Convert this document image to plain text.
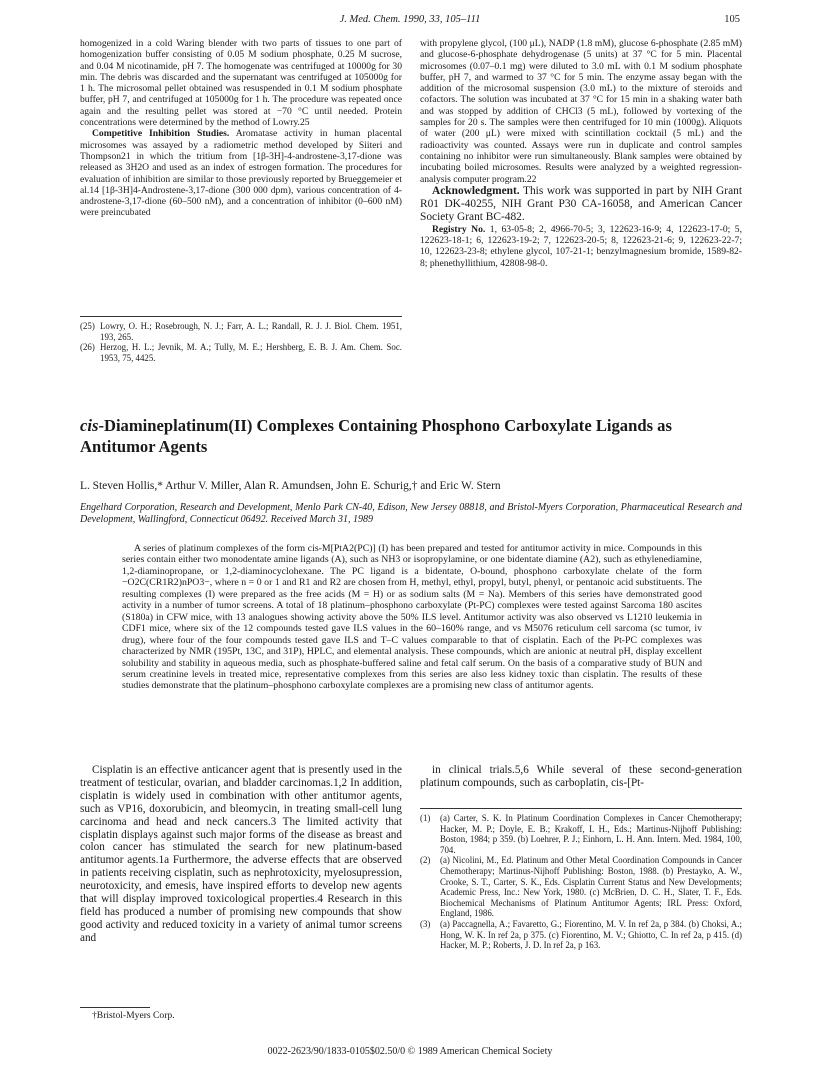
J. Med. Chem. 1990, 33, 105–111	105

homogenized in a cold Waring blender with two parts of tissues to one part of homogenization buffer consisting of 0.05 M sodium phosphate, 0.25 M sucrose, and 0.04 M nicotinamide, pH 7. The homogenate was centrifuged at 10000g for 30 min. The debris was discarded and the supernatant was centrifuged at 105000g for 1 h. The microsomal pellet obtained was resuspended in 0.1 M sodium phosphate buffer, pH 7, and centrifuged at 105000g for 1 h. The procedure was repeated once again and the resulting pellet was stored at −70 °C until needed. Protein concentrations were determined by the method of Lowry.25

Competitive Inhibition Studies. Aromatase activity in human placental microsomes was assayed by a radiometric method developed by Siiteri and Thompson21 in which the tritium from [1β-3H]-4-androstene-3,17-dione was released as 3H2O and used as an index of estrogen formation. The procedures for evaluation of inhibition are similar to those previously reported by Brueggemeier et al.14 [1β-3H]4-Androstene-3,17-dione (300 000 dpm), various concentration of 4-androstene-3,17-dione (60–500 nM), and a concentration of inhibitor (0–600 nM) were preincubated

with propylene glycol, (100 μL), NADP (1.8 mM), glucose 6-phosphate (2.85 mM) and glucose-6-phosphate dehydrogenase (5 units) at 37 °C for 5 min. Placental microsomes (0.07–0.1 mg) were diluted to 3.0 mL with 0.1 M sodium phosphate buffer, pH 7, and warmed to 37 °C for 5 min. The enzyme assay began with the addition of the microsomal suspension (3.0 mL) to the mixture of steroids and cofactors. The solution was incubated at 37 °C for 15 min in a shaking water bath and was stopped by addition of CHCl3 (5 mL), followed by vortexing of the samples for 20 s. The samples were then centrifuged for 10 min (1000g). Aliquots of water (200 μL) were mixed with scintillation cocktail (5 mL) and the radioactivity was counted. Assays were run in duplicate and control samples containing no inhibitor were run simultaneously. Blank samples were obtained by incubating boiled microsomes. Results were analyzed by a weighted regression-analysis computer program.22

Acknowledgment. This work was supported in part by NIH Grant R01 DK-40255, NIH Grant P30 CA-16058, and American Cancer Society Grant BC-482.

Registry No. 1, 63-05-8; 2, 4966-70-5; 3, 122623-16-9; 4, 122623-17-0; 5, 122623-18-1; 6, 122623-19-2; 7, 122623-20-5; 8, 122623-21-6; 9, 122623-22-7; 10, 122623-23-8; ethylene glycol, 107-21-1; benzylmagnesium bromide, 1589-82-8; phenethyllithium, 42808-98-0.

(25) Lowry, O. H.; Rosebrough, N. J.; Farr, A. L.; Randall, R. J. J. Biol. Chem. 1951, 193, 265.
(26) Herzog, H. L.; Jevnik, M. A.; Tully, M. E.; Hershberg, E. B. J. Am. Chem. Soc. 1953, 75, 4425.
cis-Diamineplatinum(II) Complexes Containing Phosphono Carboxylate Ligands as Antitumor Agents
L. Steven Hollis,* Arthur V. Miller, Alan R. Amundsen, John E. Schurig,† and Eric W. Stern
Engelhard Corporation, Research and Development, Menlo Park CN-40, Edison, New Jersey 08818, and Bristol-Myers Corporation, Pharmaceutical Research and Development, Wallingford, Connecticut 06492. Received March 31, 1989
A series of platinum complexes of the form cis-M[PtA2(PC)] (I) has been prepared and tested for antitumor activity in mice. Compounds in this series contain either two monodentate amine ligands (A), such as NH3 or isopropylamine, or one bidentate diamine (A2), such as ethylenediamine, 1,2-diaminopropane, or 1,2-diaminocyclohexane. The PC ligand is a bidentate, O-bound, phosphono carboxylate chelate of the form −O2C(CR1R2)nPO3−, where n = 0 or 1 and R1 and R2 are chosen from H, methyl, ethyl, propyl, butyl, phenyl, or pentanoic acid substituents. The resulting complexes (I) were prepared as the free acids (M = H) or as sodium salts (M = Na). Members of this series have demonstrated good activity in a number of tumor screens. A total of 18 platinum–phosphono carboxylate (Pt-PC) complexes were tested against Sarcoma 180 ascites (S180a) in CFW mice, with 13 analogues showing activity above the 50% ILS level. Antitumor activity was also observed vs L1210 leukemia in CDF1 mice, where six of the 12 compounds tested gave ILS values in the 60–160% range, and vs M5076 reticulum cell sarcoma (sc tumor, iv drug), where four of the four compounds tested gave ILS and T–C values comparable to that of cisplatin. Each of the Pt-PC complexes was characterized by NMR (195Pt, 13C, and 31P), HPLC, and elemental analysis. These compounds, which are anionic at neutral pH, display excellent solubility and stability in aqueous media, such as phosphate-buffered saline and fetal calf serum. On the basis of a comparative study of BUN and serum creatinine levels in treated mice, representative complexes from this series are also less kidney toxic than cisplatin. The results of these studies demonstrate that the platinum–phosphono carboxylate complexes are a promising new class of antitumor agents.

Cisplatin is an effective anticancer agent that is presently used in the treatment of testicular, ovarian, and bladder carcinomas.1,2 In addition, cisplatin is widely used in combination with other antitumor agents, such as VP16, doxorubicin, and bleomycin, in treating small-cell lung carcinoma and head and neck cancers.3 The limited activity that cisplatin displays against such major forms of the disease as breast and colon cancer has stimulated the search for new platinum-based antitumor agents.1a Furthermore, the adverse effects that are observed in patients receiving cisplatin, such as nephrotoxicity, myelosupression, neurotoxicity, and emesis, have inspired efforts to develop new agents that will display improved toxicological properties.4 Research in this field has produced a number of promising new compounds that show good activity and reduced toxicity in a variety of animal tumor screens and

†Bristol-Myers Corp.

in clinical trials.5,6 While several of these second-generation platinum compounds, such as carboplatin, cis-[Pt-

(1)	(a) Carter, S. K. In Platinum Coordination Complexes in Cancer Chemotherapy; Hacker, M. P.; Doyle, E. B.; Krakoff, I. H., Eds.; Martinus-Nijhoff Publishing: Boston, 1984; p 359. (b) Loehrer, P. J.; Einhorn, L. H. Ann. Intern. Med. 1984, 100, 704.
(2)	(a) Nicolini, M., Ed. Platinum and Other Metal Coordination Compounds in Cancer Chemotherapy; Martinus-Nijhoff Publishing: Boston, 1988. (b) Prestayko, A. W., Crooke, S. T., Carter, S. K., Eds. Cisplatin Current Status and New Developments; Academic Press, Inc.: New York, 1980. (c) McBrien, D. C. H., Slater, T. F., Eds. Biochemical Mechanisms of Platinum Antitumor Agents; IRL Press: Oxford, England, 1986.
(3)	(a) Paccagnella, A.; Favaretto, G.; Fiorentino, M. V. In ref 2a, p 384. (b) Choksi, A.; Hong, W. K. In ref 2a, p 375. (c) Fiorentino, M. V.; Ghiotto, C. In ref 2a, p 415. (d) Hacker, M. P.; Roberts, J. D. In ref 2a, p 163.
0022-2623/90/1833-0105$02.50/0 © 1989 American Chemical Society
